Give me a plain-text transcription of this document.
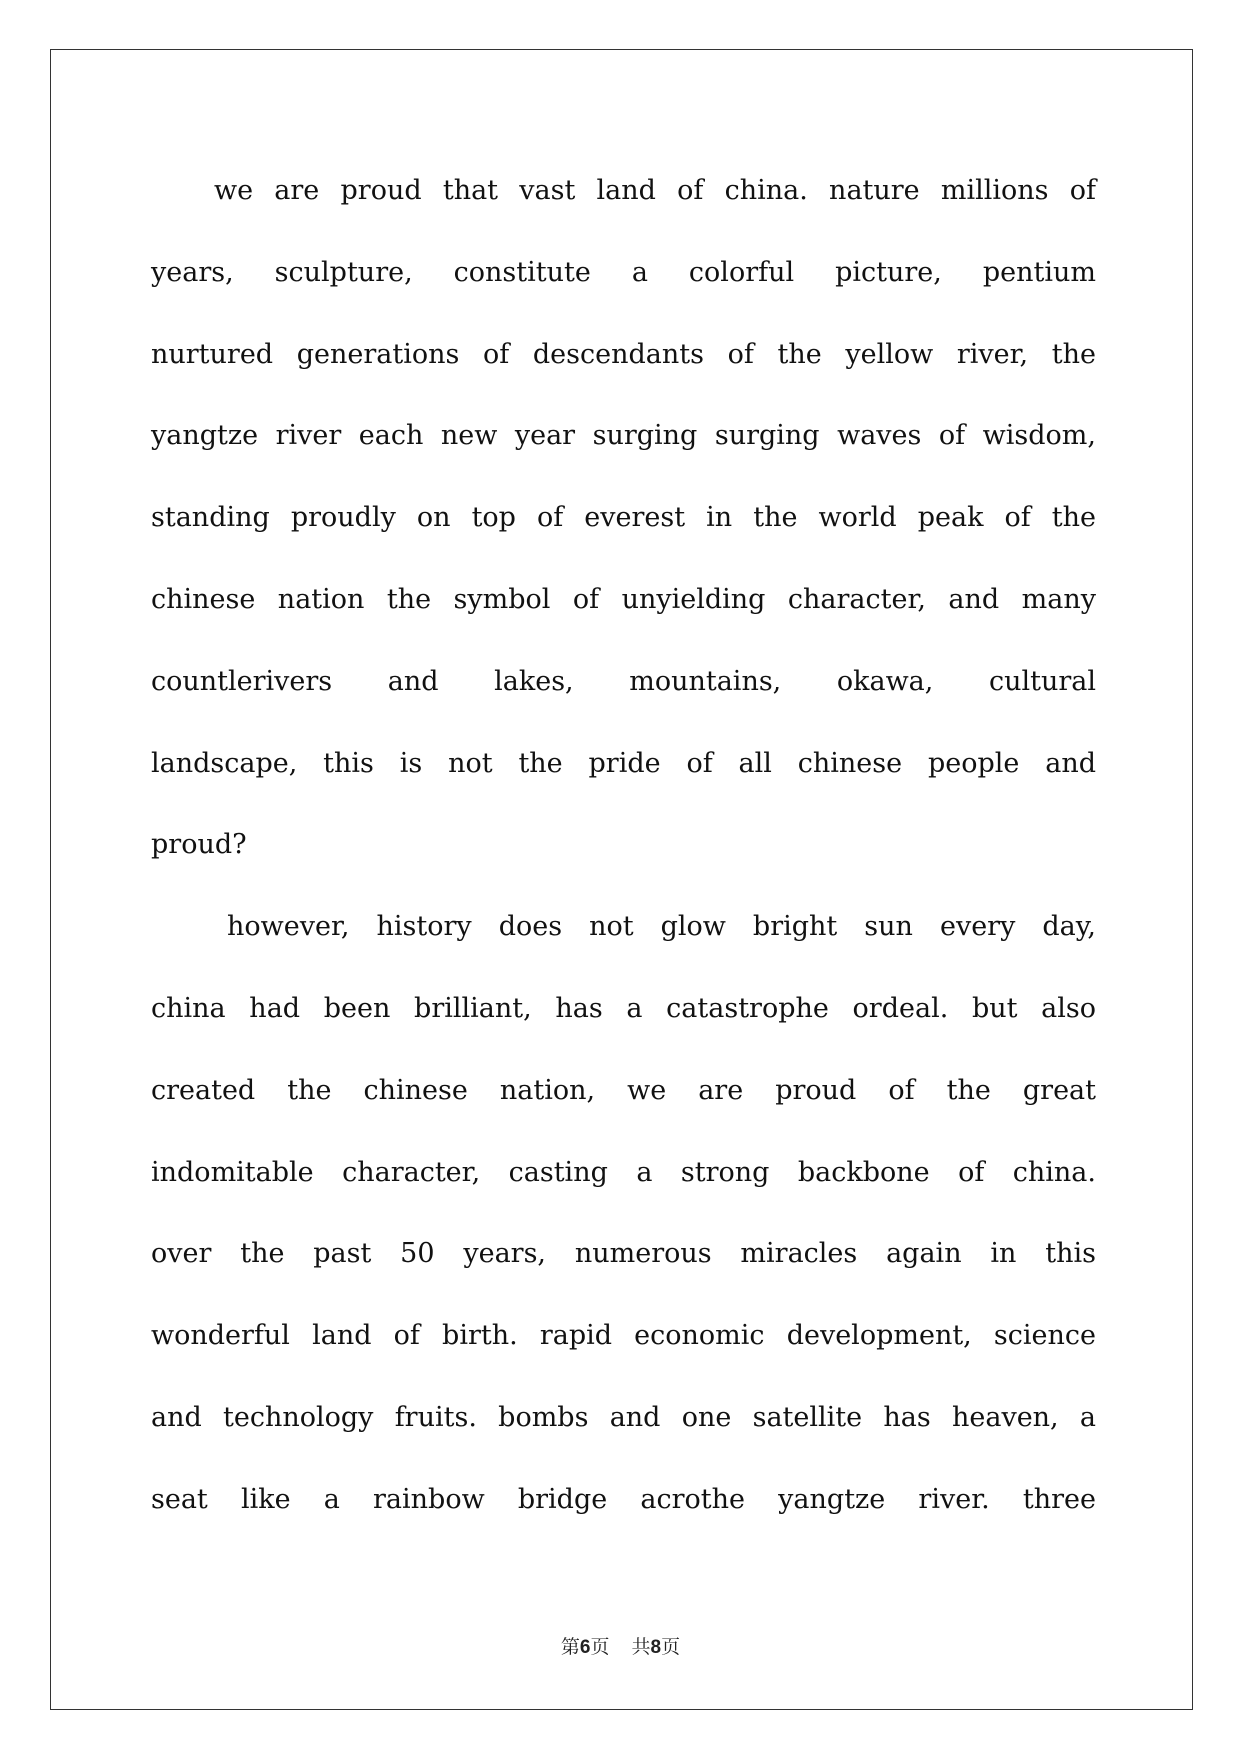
we are proud that vast land of china. nature millions of
years, sculpture, constitute a colorful picture, pentium
nurtured generations of descendants of the yellow river, the
yangtze river each new year surging surging waves of wisdom,
standing proudly on top of everest in the world peak of the
chinese nation the symbol of unyielding character, and many
countlerivers and lakes, mountains, okawa, cultural
landscape, this is not the pride of all chinese people and
proud?
however, history does not glow bright sun every day,
china had been brilliant, has a catastrophe ordeal. but also
created the chinese nation, we are proud of the great
indomitable character, casting a strong backbone of china.
over the past 50 years, numerous miracles again in this
wonderful land of birth. rapid economic development, science
and technology fruits. bombs and one satellite has heaven, a
seat like a rainbow bridge acrothe yangtze river. three
第6页 共8页
